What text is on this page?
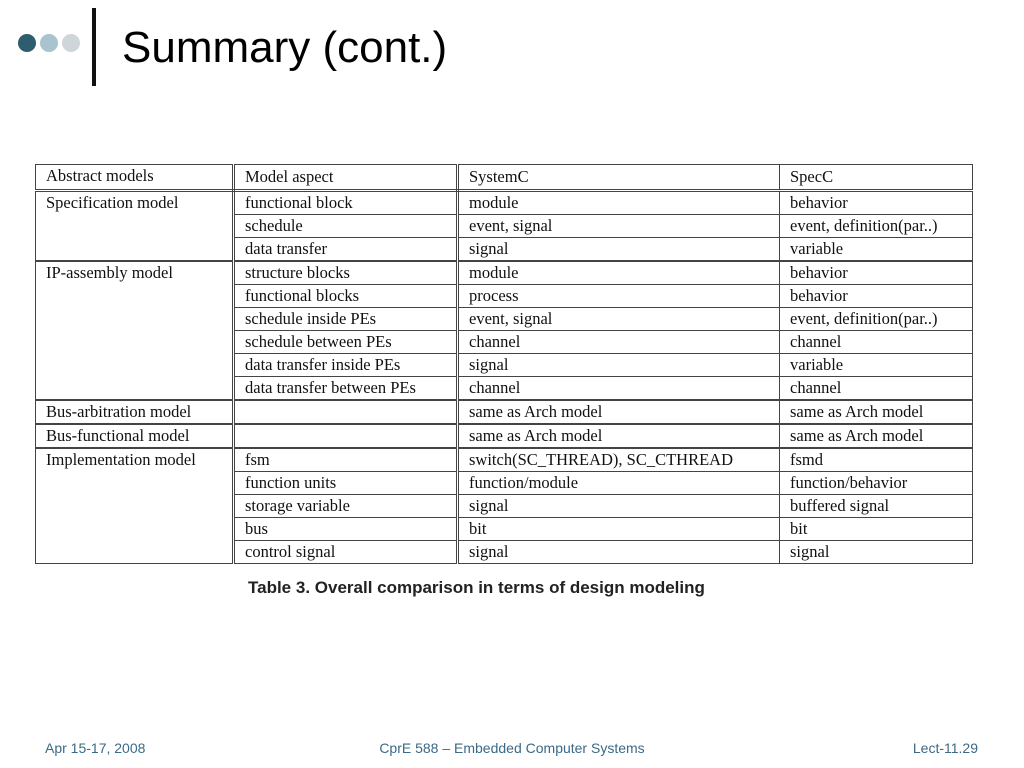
Summary (cont.)
Abstract models	Model aspect	SystemC	SpecC
Specification model	functional block	module	behavior
	schedule	event, signal	event, definition(par..)
	data transfer	signal	variable
IP-assembly model	structure blocks	module	behavior
	functional blocks	process	behavior
	schedule inside PEs	event, signal	event, definition(par..)
	schedule between PEs	channel	channel
	data transfer inside PEs	signal	variable
	data transfer between PEs	channel	channel
Bus-arbitration model		same as Arch model	same as Arch model
Bus-functional model		same as Arch model	same as Arch model
Implementation model	fsm	switch(SC_THREAD), SC_CTHREAD	fsmd
	function units	function/module	function/behavior
	storage variable	signal	buffered signal
	bus	bit	bit
	control signal	signal	signal

Table 3. Overall comparison in terms of design modeling

Apr 15-17, 2008	CprE 588 – Embedded Computer Systems	Lect-11.29
